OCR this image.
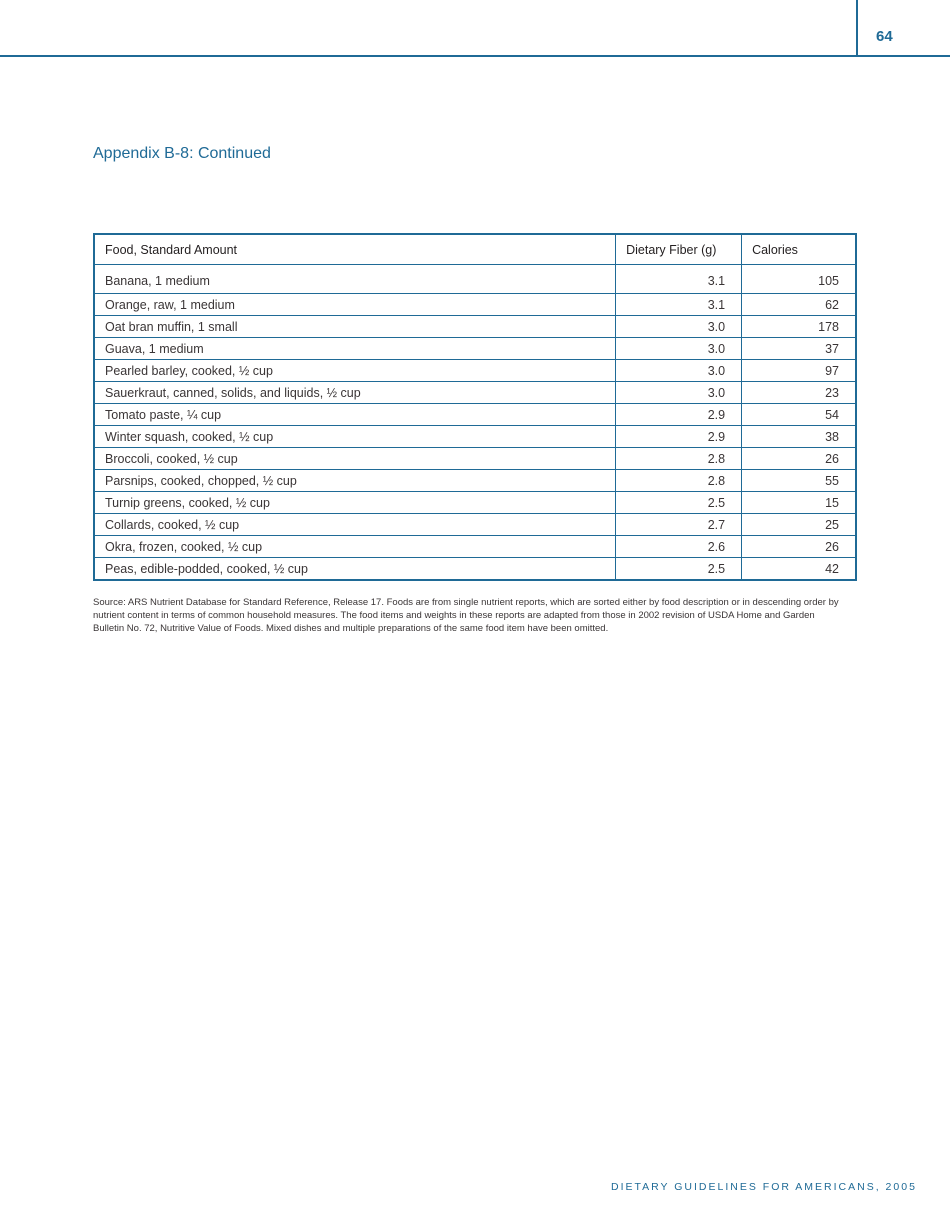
64
Appendix B-8: Continued
Food, Standard Amount	Dietary Fiber (g)	Calories
Banana, 1 medium	3.1	105
Orange, raw, 1 medium	3.1	62
Oat bran muffin, 1 small	3.0	178
Guava, 1 medium	3.0	37
Pearled barley, cooked, ½ cup	3.0	97
Sauerkraut, canned, solids, and liquids, ½ cup	3.0	23
Tomato paste, ¼ cup	2.9	54
Winter squash, cooked, ½ cup	2.9	38
Broccoli, cooked, ½ cup	2.8	26
Parsnips, cooked, chopped, ½ cup	2.8	55
Turnip greens, cooked, ½ cup	2.5	15
Collards, cooked, ½ cup	2.7	25
Okra, frozen, cooked, ½ cup	2.6	26
Peas, edible-podded, cooked, ½ cup	2.5	42

Source: ARS Nutrient Database for Standard Reference, Release 17. Foods are from single nutrient reports, which are sorted either by food description or in descending order by nutrient content in terms of common household measures. The food items and weights in these reports are adapted from those in 2002 revision of USDA Home and Garden Bulletin No. 72, Nutritive Value of Foods. Mixed dishes and multiple preparations of the same food item have been omitted.

DIETARY GUIDELINES FOR AMERICANS, 2005
